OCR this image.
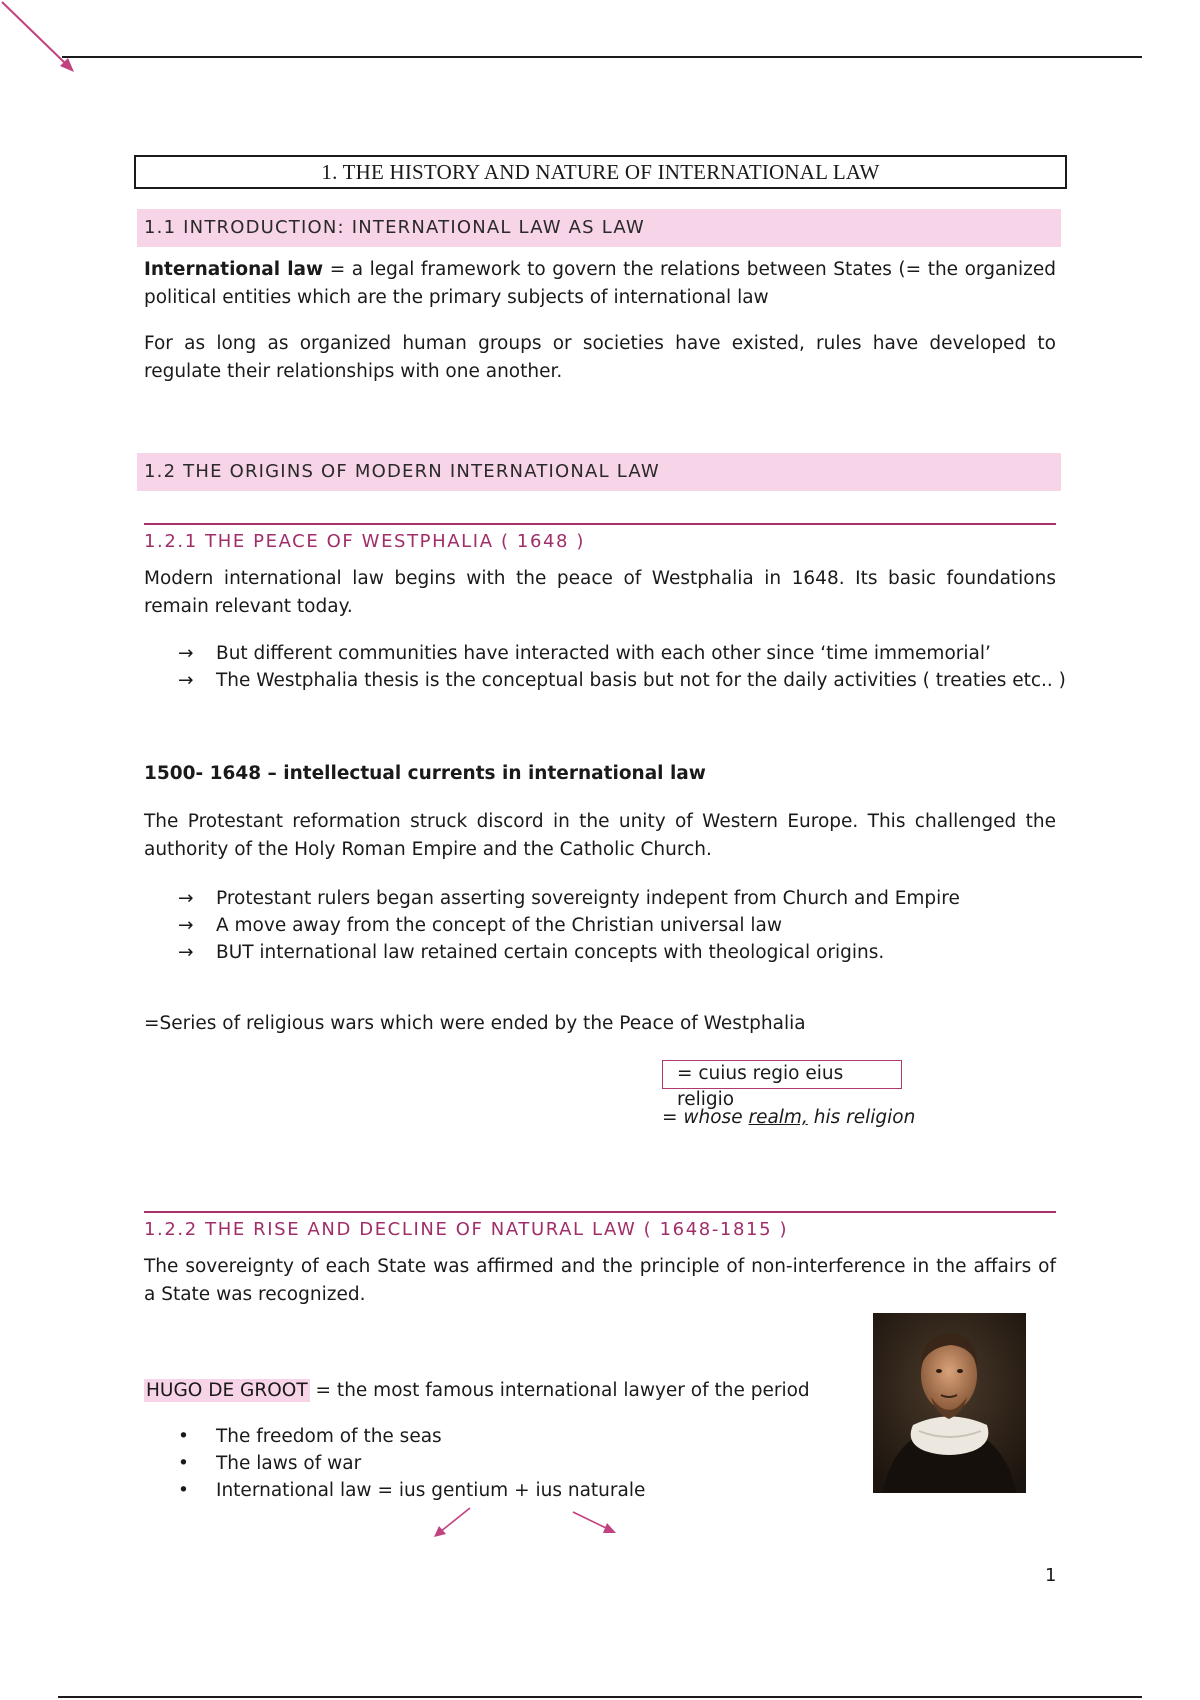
1. THE HISTORY AND NATURE OF INTERNATIONAL LAW
1.1 INTRODUCTION: INTERNATIONAL LAW AS LAW
International law = a legal framework to govern the relations between States (= the organized political entities which are the primary subjects of international law
For as long as organized human groups or societies have existed, rules have developed to regulate their relationships with one another.
1.2 THE ORIGINS OF MODERN INTERNATIONAL LAW
1.2.1 THE PEACE OF WESTPHALIA ( 1648 )
Modern international law begins with the peace of Westphalia in 1648. Its basic foundations remain relevant today.
→	But different communities have interacted with each other since ‘time immemorial’
→	The Westphalia thesis is the conceptual basis but not for the daily activities ( treaties etc.. )
1500- 1648 – intellectual currents in international law
The Protestant reformation struck discord in the unity of Western Europe. This challenged the authority of the Holy Roman Empire and the Catholic Church.
→	Protestant rulers began asserting sovereignty indepent from Church and Empire
→	A move away from the concept of the Christian universal law
→	BUT international law retained certain concepts with theological origins.
=Series of religious wars which were ended by the Peace of Westphalia
= cuius regio eius religio
= whose realm, his religion
1.2.2 THE RISE AND DECLINE OF NATURAL LAW ( 1648-1815 )
The sovereignty of each State was affirmed and the principle of non-interference in the affairs of a State was recognized.
HUGO DE GROOT = the most famous international lawyer of the period
•	The freedom of the seas
•	The laws of war
•	International law = ius gentium + ius naturale
1
